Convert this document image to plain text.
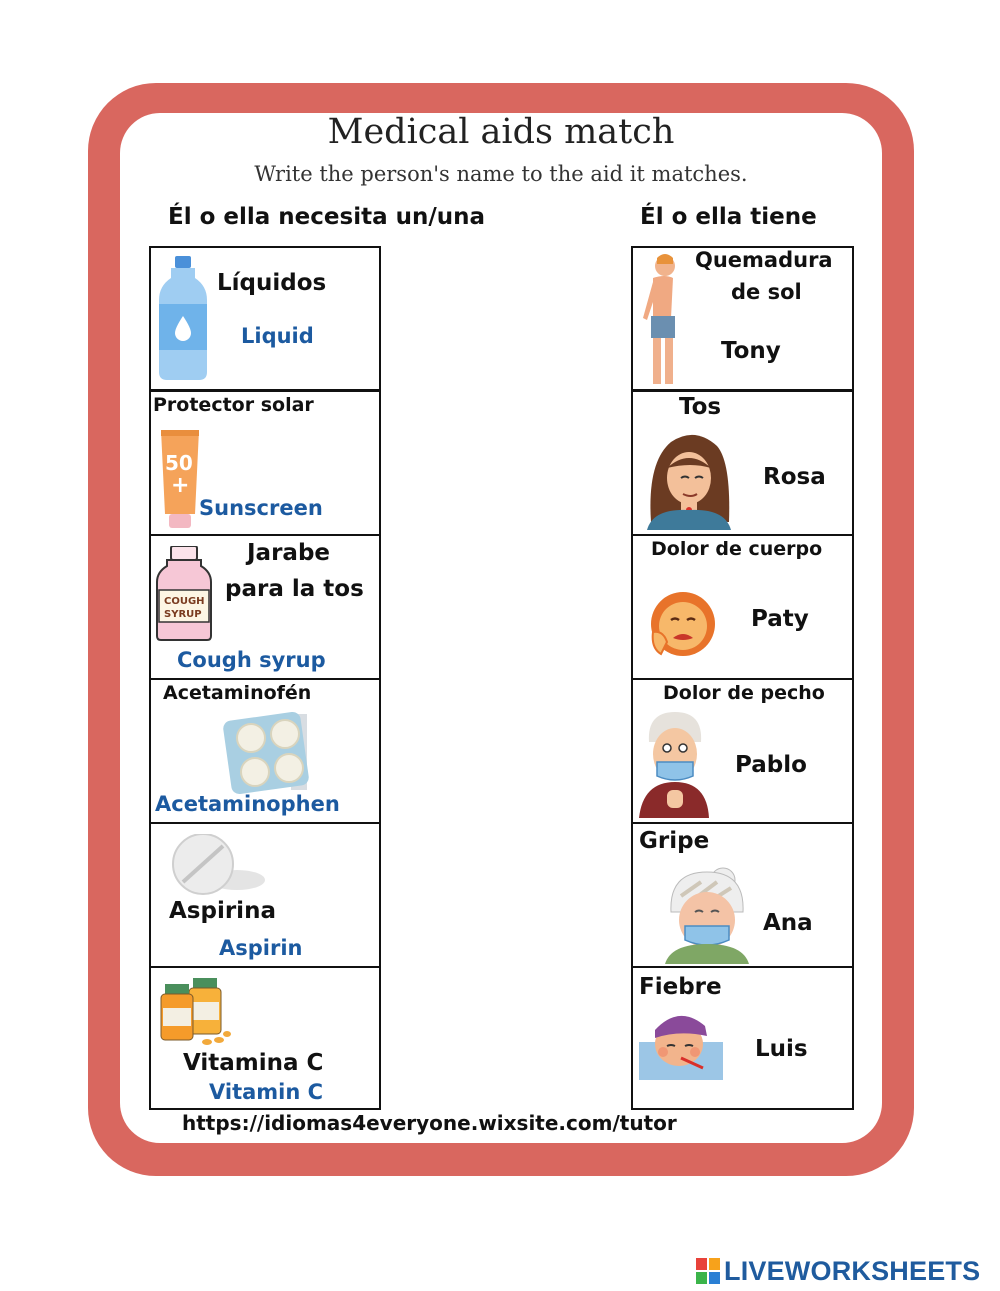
Medical aids match
Write the person's name to the aid it matches.
Él o ella necesita un/una	Él o ella tiene
Líquidos
Liquid
Protector solar
50
+
Sunscreen
COUGH
SYRUP
Jarabe
para la tos
Cough syrup
Acetaminofén
Acetaminophen
Aspirina
Aspirin
Vitamina C
Vitamin C
Quemadura
de sol
Tony
Tos
Rosa
Dolor de cuerpo
Paty
Dolor de pecho
Pablo
Gripe
Ana
Fiebre
Luis
https://idiomas4everyone.wixsite.com/tutor
LIVEWORKSHEETS
